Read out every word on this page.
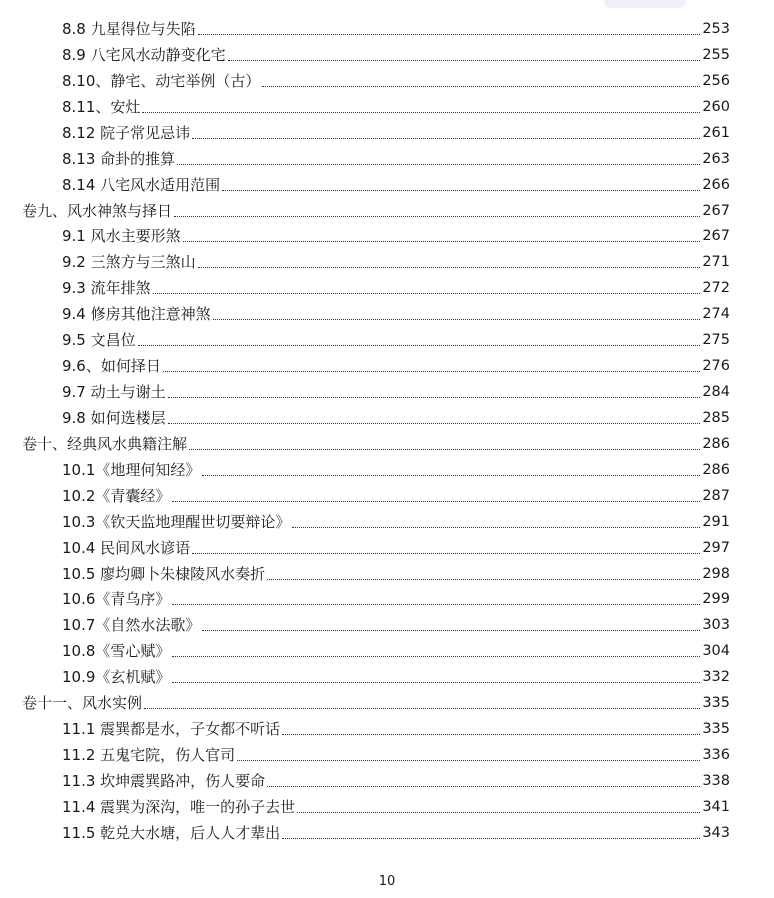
8.8 九星得位与失陷	253
8.9 八宅风水动静变化宅	255
8.10、静宅、动宅举例（古）	256
8.11、安灶	260
8.12 院子常见忌讳	261
8.13 命卦的推算	263
8.14 八宅风水适用范围	266
卷九、风水神煞与择日	267
9.1 风水主要形煞	267
9.2 三煞方与三煞山	271
9.3 流年排煞	272
9.4 修房其他注意神煞	274
9.5 文昌位	275
9.6、如何择日	276
9.7 动土与谢土	284
9.8 如何选楼层	285
卷十、经典风水典籍注解	286
10.1《地理何知经》	286
10.2《青囊经》	287
10.3《钦天监地理醒世切要辩论》	291
10.4 民间风水谚语	297
10.5 廖均卿卜朱棣陵风水奏折	298
10.6《青乌序》	299
10.7《自然水法歌》	303
10.8《雪心赋》	304
10.9《玄机赋》	332
卷十一、风水实例	335
11.1 震巽都是水，子女都不听话	335
11.2 五鬼宅院，伤人官司	336
11.3 坎坤震巽路冲，伤人要命	338
11.4 震巽为深沟，唯一的孙子去世	341
11.5 乾兑大水塘，后人人才辈出	343
10
